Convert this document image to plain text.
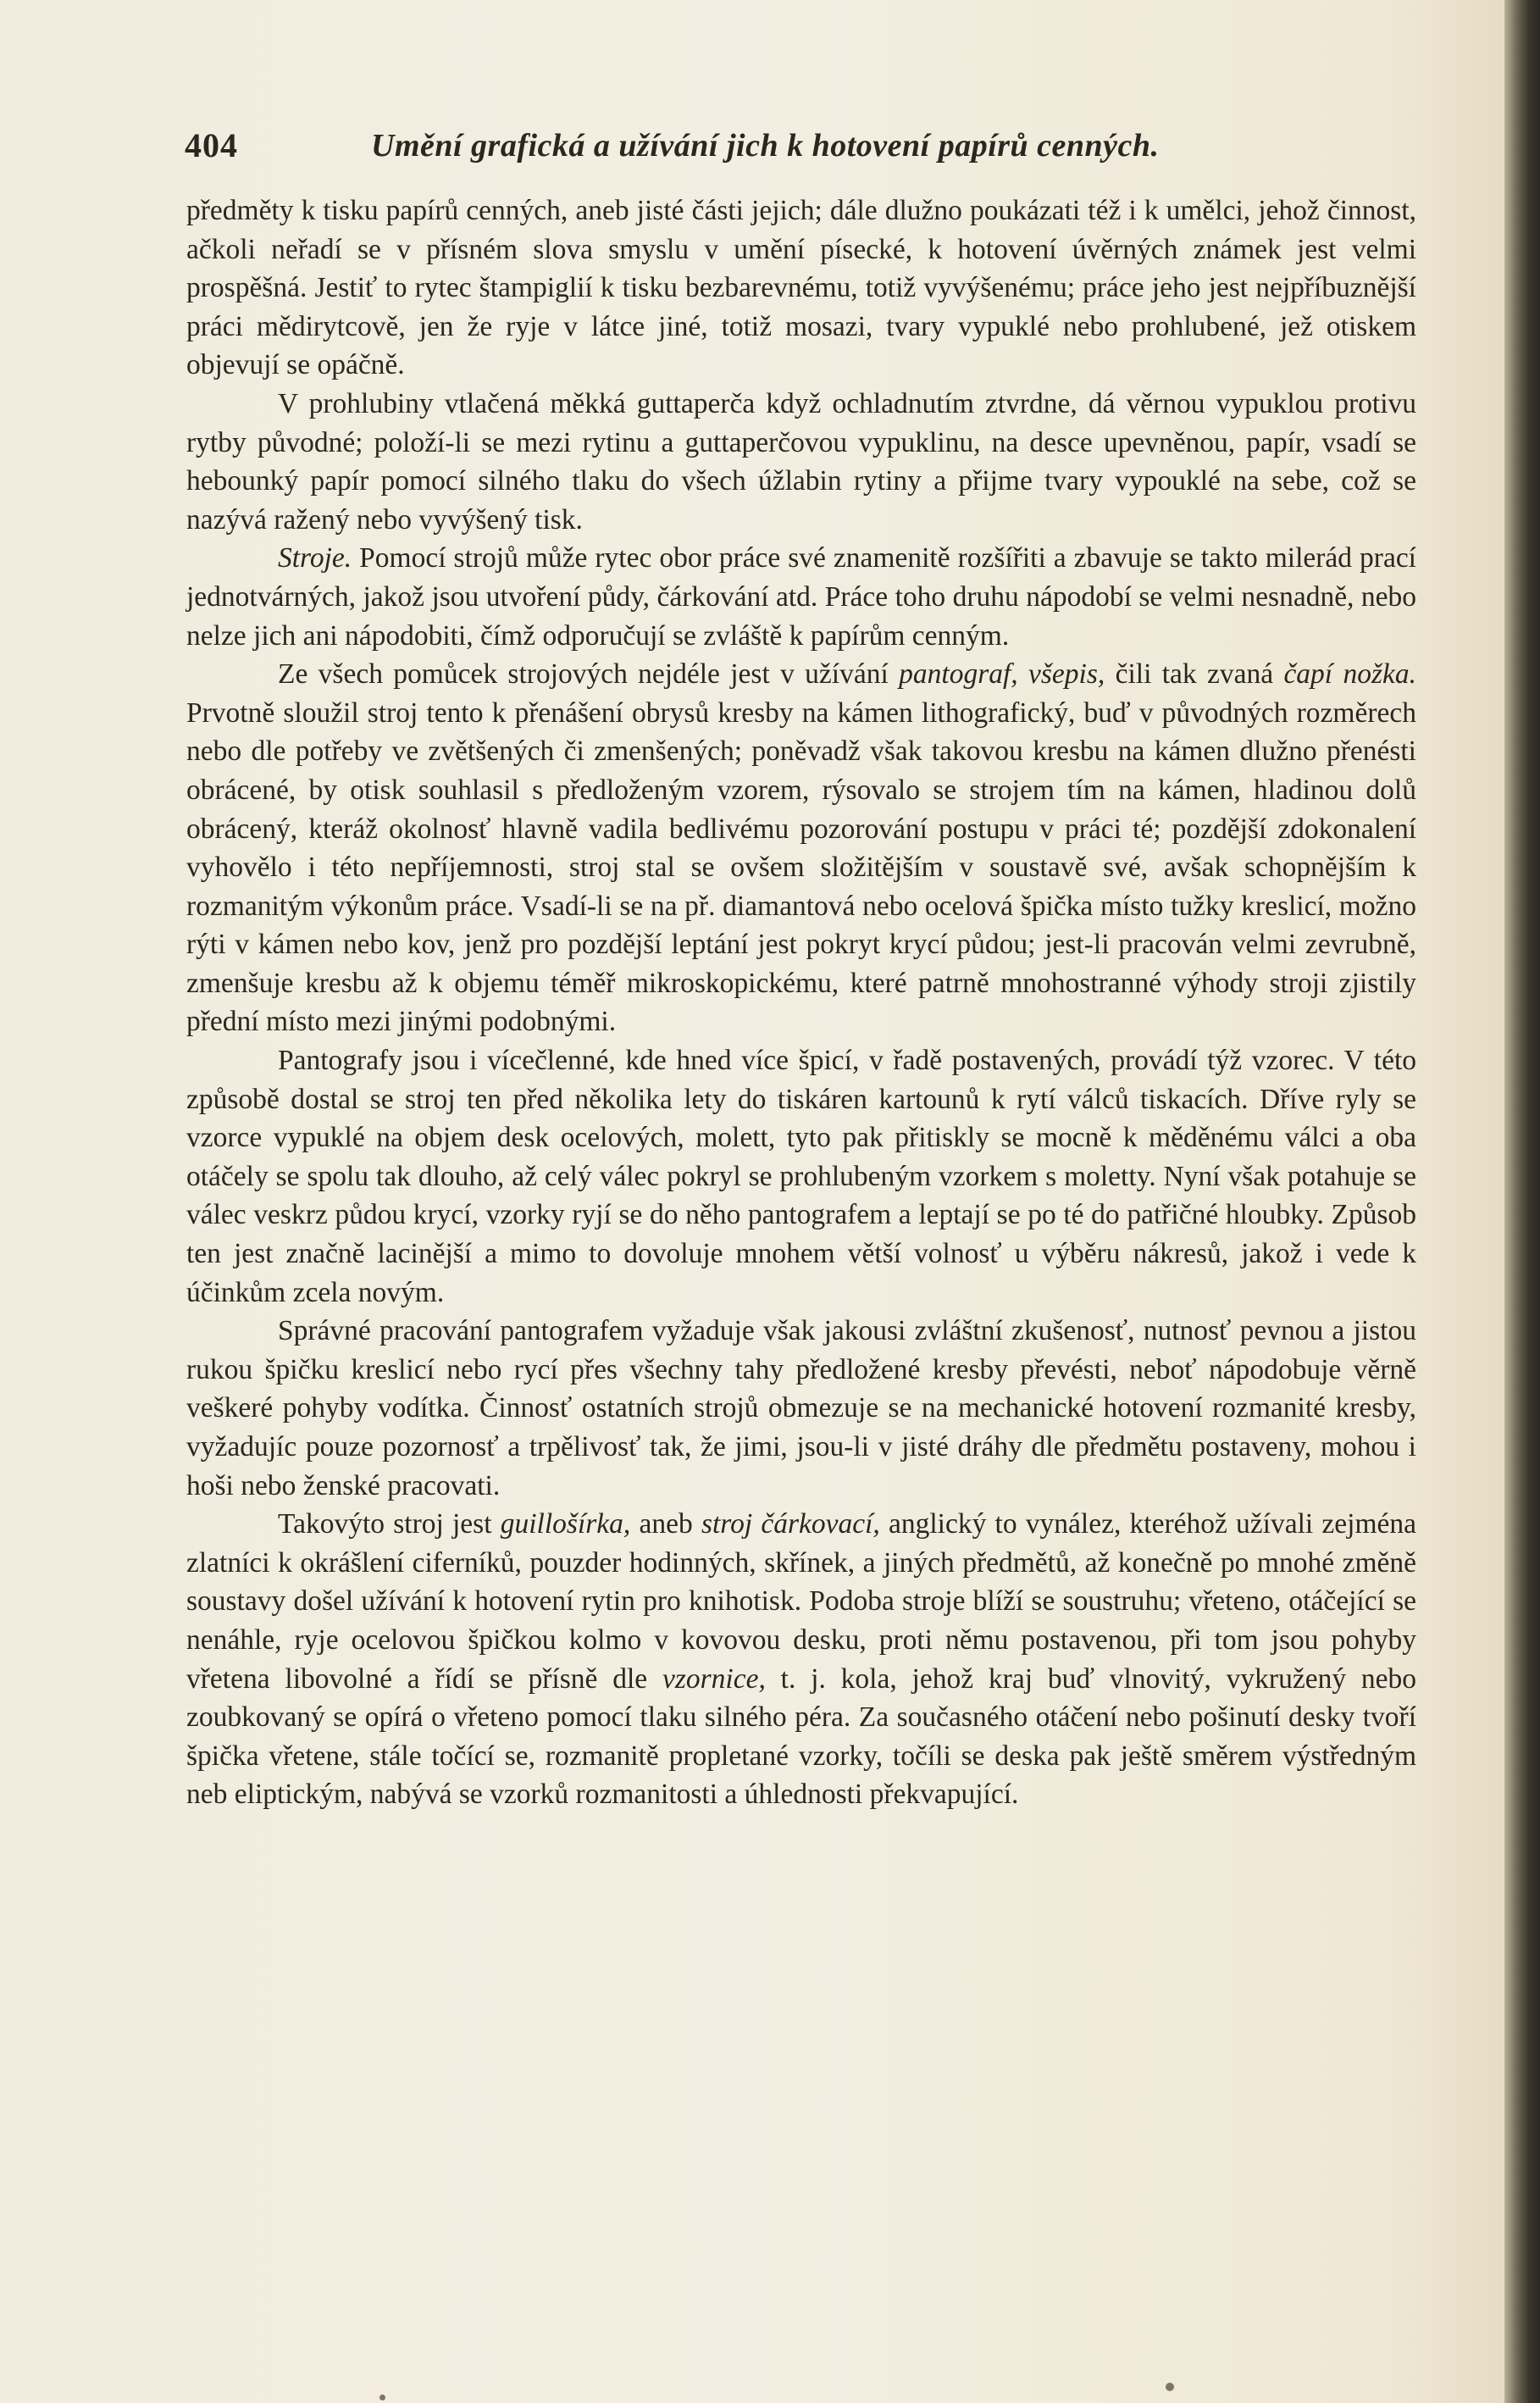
404	Umění grafická a užívání jich k hotovení papírů cenných.

předměty k tisku papírů cenných, aneb jisté části jejich; dále dlužno poukázati též i k umělci, jehož činnost, ačkoli neřadí se v přísném slova smyslu v umění písecké, k hotovení úvěrných známek jest velmi prospěšná. Jestiť to rytec štampiglií k tisku bezbarevnému, totiž vyvýšenému; práce jeho jest nejpříbuznější práci mědirytcově, jen že ryje v látce jiné, totiž mosazi, tvary vypuklé nebo prohlubené, jež otiskem objevují se opáčně.

V prohlubiny vtlačená měkká guttaperča když ochladnutím ztvrdne, dá věrnou vypuklou protivu rytby původné; položí-li se mezi rytinu a guttaperčovou vypuklinu, na desce upevněnou, papír, vsadí se hebounký papír pomocí silného tlaku do všech úžlabin rytiny a přijme tvary vypouklé na sebe, což se nazývá ražený nebo vyvýšený tisk.

Stroje. Pomocí strojů může rytec obor práce své znamenitě rozšířiti a zbavuje se takto milerád prací jednotvárných, jakož jsou utvoření půdy, čárkování atd. Práce toho druhu nápodobí se velmi nesnadně, nebo nelze jich ani nápodobiti, čímž odporučují se zvláště k papírům cenným.

Ze všech pomůcek strojových nejdéle jest v užívání pantograf, všepis, čili tak zvaná čapí nožka. Prvotně sloužil stroj tento k přenášení obrysů kresby na kámen lithografický, buď v původných rozměrech nebo dle potřeby ve zvětšených či zmenšených; poněvadž však takovou kresbu na kámen dlužno přenésti obrácené, by otisk souhlasil s předloženým vzorem, rýsovalo se strojem tím na kámen, hladinou dolů obrácený, kteráž okolnosť hlavně vadila bedlivému pozorování postupu v práci té; pozdější zdokonalení vyhovělo i této nepříjemnosti, stroj stal se ovšem složitějším v soustavě své, avšak schopnějším k rozmanitým výkonům práce. Vsadí-li se na př. diamantová nebo ocelová špička místo tužky kreslicí, možno rýti v kámen nebo kov, jenž pro pozdější leptání jest pokryt krycí půdou; jest-li pracován velmi zevrubně, zmenšuje kresbu až k objemu téměř mikroskopickému, které patrně mnohostranné výhody stroji zjistily přední místo mezi jinými podobnými.

Pantografy jsou i vícečlenné, kde hned více špicí, v řadě postavených, provádí týž vzorec. V této způsobě dostal se stroj ten před několika lety do tiskáren kartounů k rytí válců tiskacích. Dříve ryly se vzorce vypuklé na objem desk ocelových, molett, tyto pak přitiskly se mocně k měděnému válci a oba otáčely se spolu tak dlouho, až celý válec pokryl se prohlubeným vzorkem s moletty. Nyní však potahuje se válec veskrz půdou krycí, vzorky ryjí se do něho pantografem a leptají se po té do patřičné hloubky. Způsob ten jest značně lacinější a mimo to dovoluje mnohem větší volnosť u výběru nákresů, jakož i vede k účinkům zcela novým.

Správné pracování pantografem vyžaduje však jakousi zvláštní zkušenosť, nutnosť pevnou a jistou rukou špičku kreslicí nebo rycí přes všechny tahy předložené kresby převésti, neboť nápodobuje věrně veškeré pohyby vodítka. Činnosť ostatních strojů obmezuje se na mechanické hotovení rozmanité kresby, vyžadujíc pouze pozornosť a trpělivosť tak, že jimi, jsou-li v jisté dráhy dle předmětu postaveny, mohou i hoši nebo ženské pracovati.

Takovýto stroj jest guillošírka, aneb stroj čárkovací, anglický to vynález, kteréhož užívali zejména zlatníci k okrášlení ciferníků, pouzder hodinných, skřínek, a jiných předmětů, až konečně po mnohé změně soustavy došel užívání k hotovení rytin pro knihotisk. Podoba stroje blíží se soustruhu; vřeteno, otáčející se nenáhle, ryje ocelovou špičkou kolmo v kovovou desku, proti němu postavenou, při tom jsou pohyby vřetena libovolné a řídí se přísně dle vzornice, t. j. kola, jehož kraj buď vlnovitý, vykružený nebo zoubkovaný se opírá o vřeteno pomocí tlaku silného péra. Za současného otáčení nebo pošinutí desky tvoří špička vřetene, stále točící se, rozmanitě propletané vzorky, točíli se deska pak ještě směrem výstředným neb eliptickým, nabývá se vzorků rozmanitosti a úhlednosti překvapující.
